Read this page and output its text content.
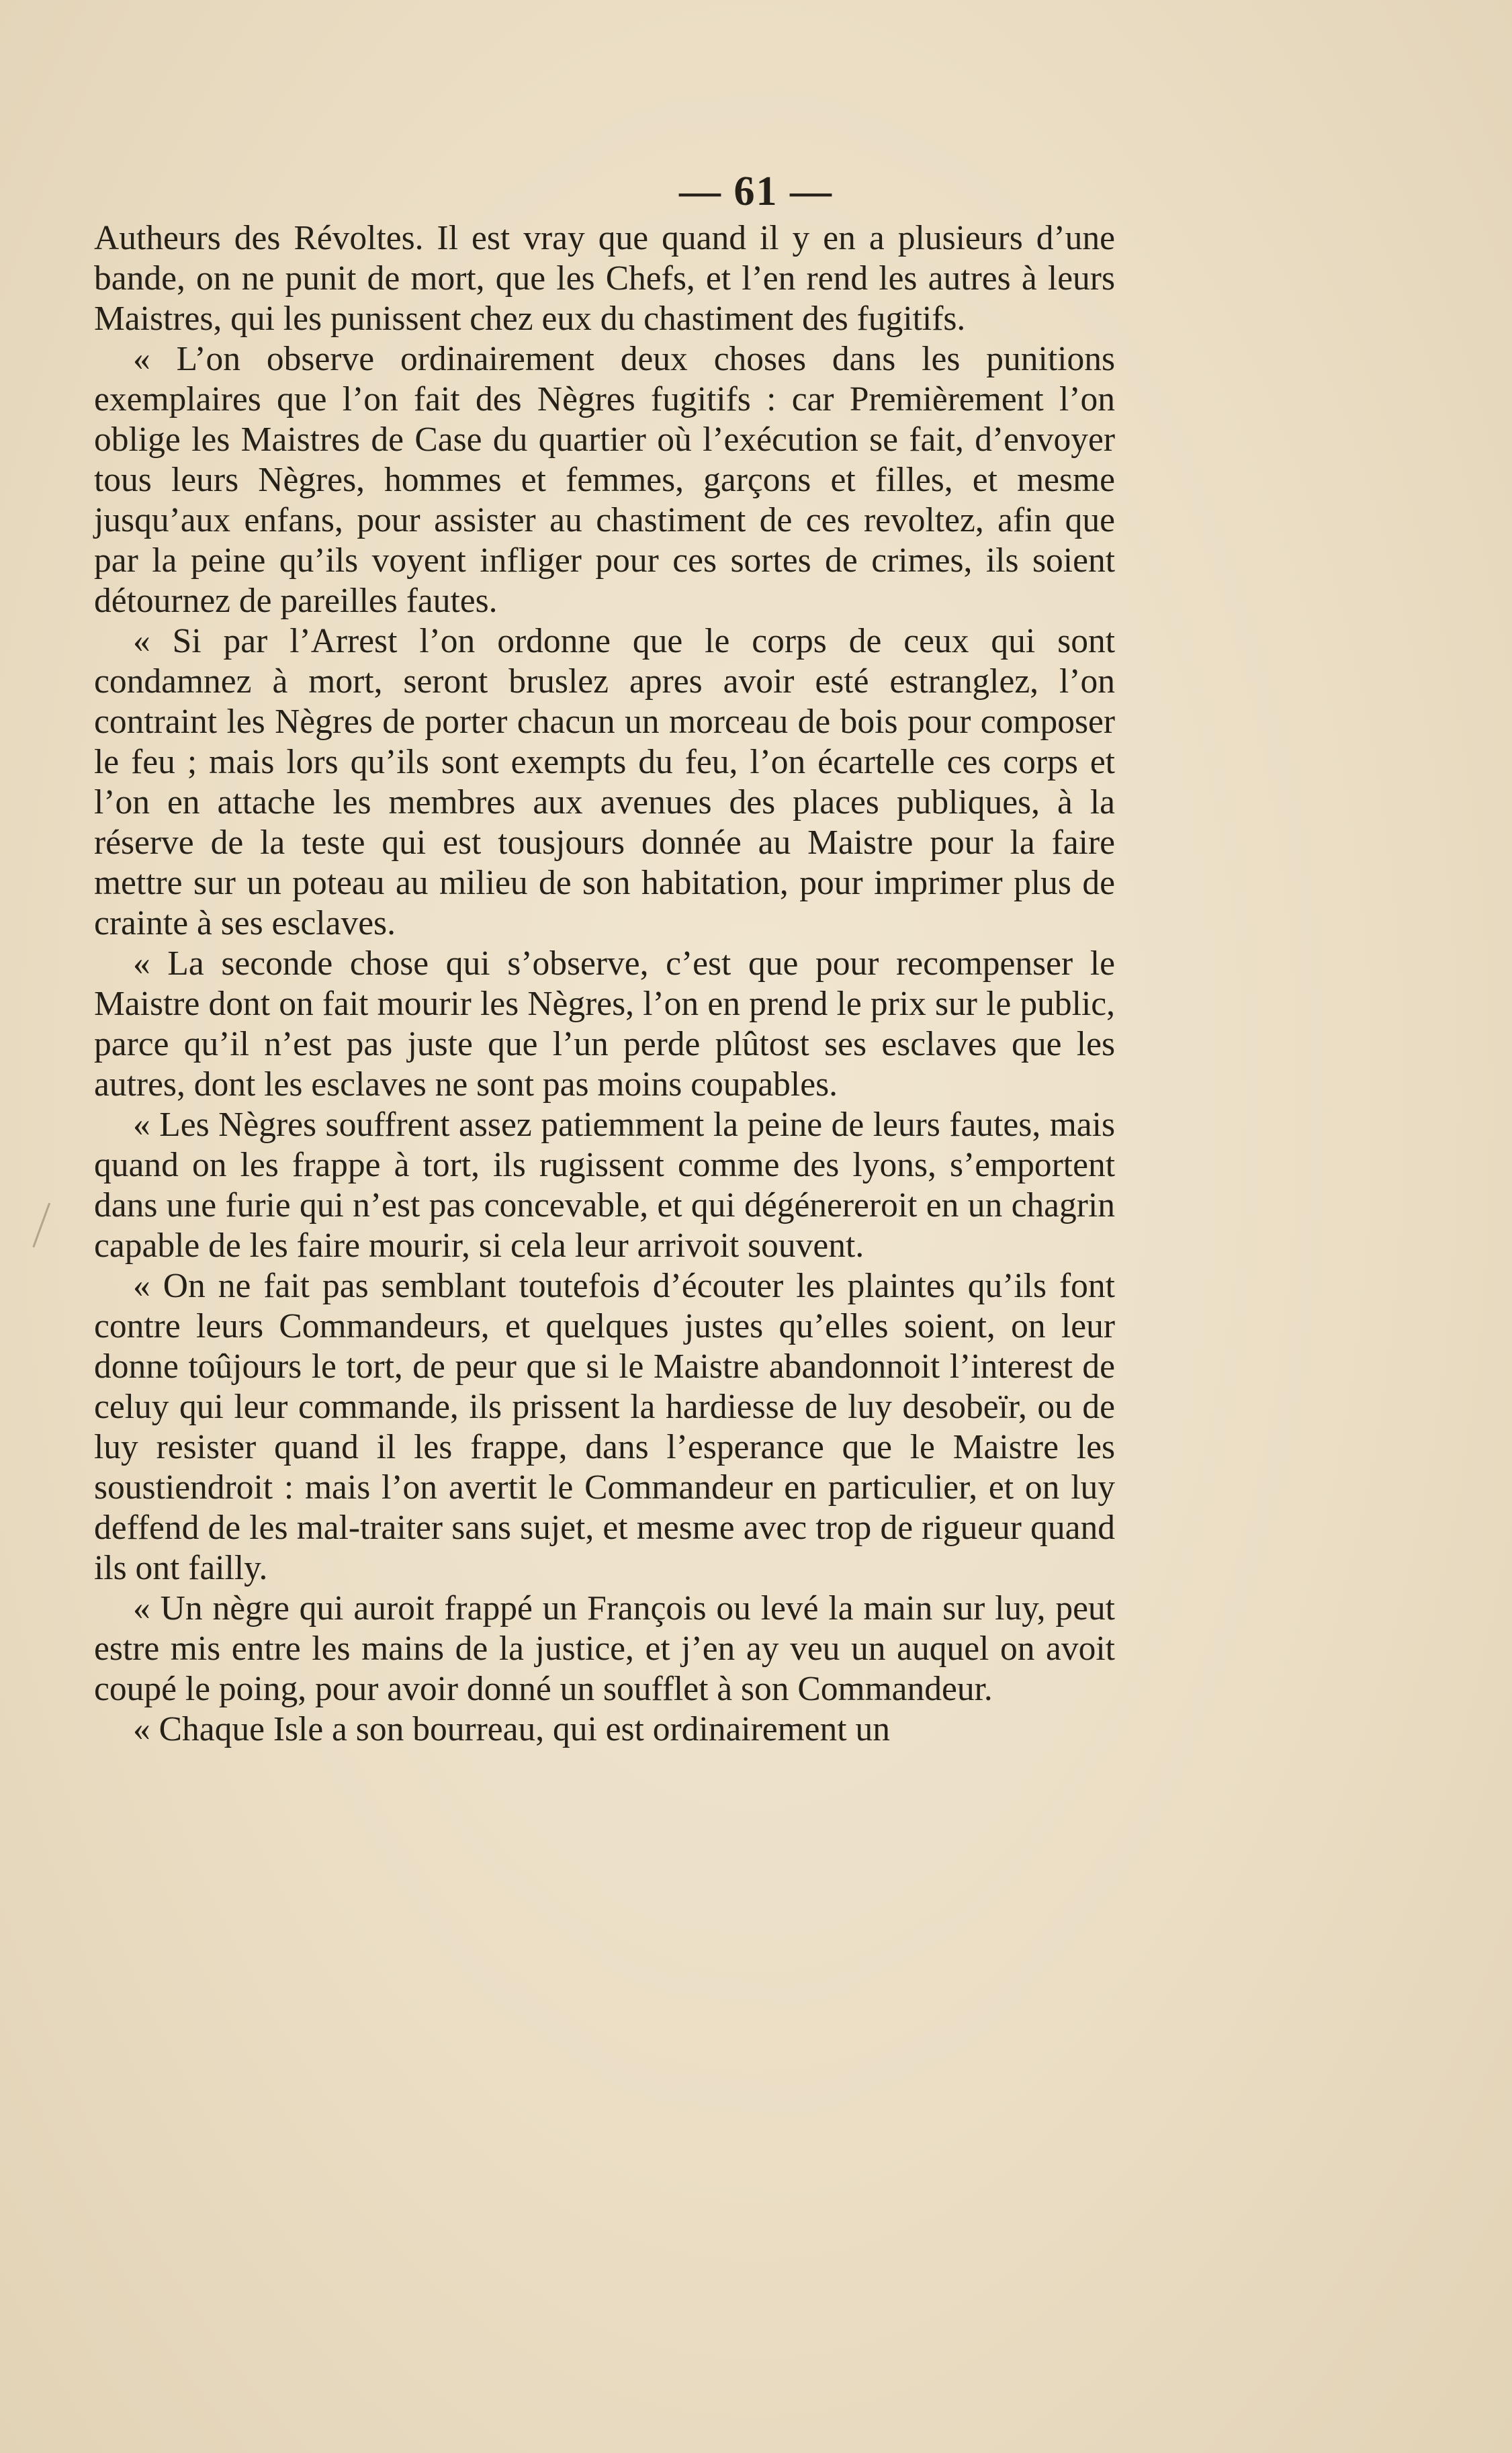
— 61 —

Autheurs des Révoltes. Il est vray que quand il y en a plusieurs d’une bande, on ne punit de mort, que les Chefs, et l’en rend les autres à leurs Maistres, qui les punissent chez eux du chastiment des fugitifs.

« L’on observe ordinairement deux choses dans les punitions exemplaires que l’on fait des Nègres fugitifs : car Premièrement l’on oblige les Maistres de Case du quartier où l’exécution se fait, d’envoyer tous leurs Nègres, hommes et femmes, garçons et filles, et mesme jusqu’aux enfans, pour assister au chastiment de ces revoltez, afin que par la peine qu’ils voyent infliger pour ces sortes de crimes, ils soient détournez de pareilles fautes.

« Si par l’Arrest l’on ordonne que le corps de ceux qui sont condamnez à mort, seront bruslez apres avoir esté estranglez, l’on contraint les Nègres de porter chacun un morceau de bois pour composer le feu ; mais lors qu’ils sont exempts du feu, l’on écartelle ces corps et l’on en attache les membres aux avenues des places publiques, à la réserve de la teste qui est tousjours donnée au Maistre pour la faire mettre sur un poteau au milieu de son habitation, pour imprimer plus de crainte à ses esclaves.

« La seconde chose qui s’observe, c’est que pour recompenser le Maistre dont on fait mourir les Nègres, l’on en prend le prix sur le public, parce qu’il n’est pas juste que l’un perde plûtost ses esclaves que les autres, dont les esclaves ne sont pas moins coupables.

« Les Nègres souffrent assez patiemment la peine de leurs fautes, mais quand on les frappe à tort, ils rugissent comme des lyons, s’emportent dans une furie qui n’est pas concevable, et qui dégénereroit en un chagrin capable de les faire mourir, si cela leur arrivoit souvent.

« On ne fait pas semblant toutefois d’écouter les plaintes qu’ils font contre leurs Commandeurs, et quelques justes qu’elles soient, on leur donne toûjours le tort, de peur que si le Maistre abandonnoit l’interest de celuy qui leur commande, ils prissent la hardiesse de luy desobeïr, ou de luy resister quand il les frappe, dans l’esperance que le Maistre les soustiendroit : mais l’on avertit le Commandeur en particulier, et on luy deffend de les mal-traiter sans sujet, et mesme avec trop de rigueur quand ils ont failly.

« Un nègre qui auroit frappé un François ou levé la main sur luy, peut estre mis entre les mains de la justice, et j’en ay veu un auquel on avoit coupé le poing, pour avoir donné un soufflet à son Commandeur.

« Chaque Isle a son bourreau, qui est ordinairement un
